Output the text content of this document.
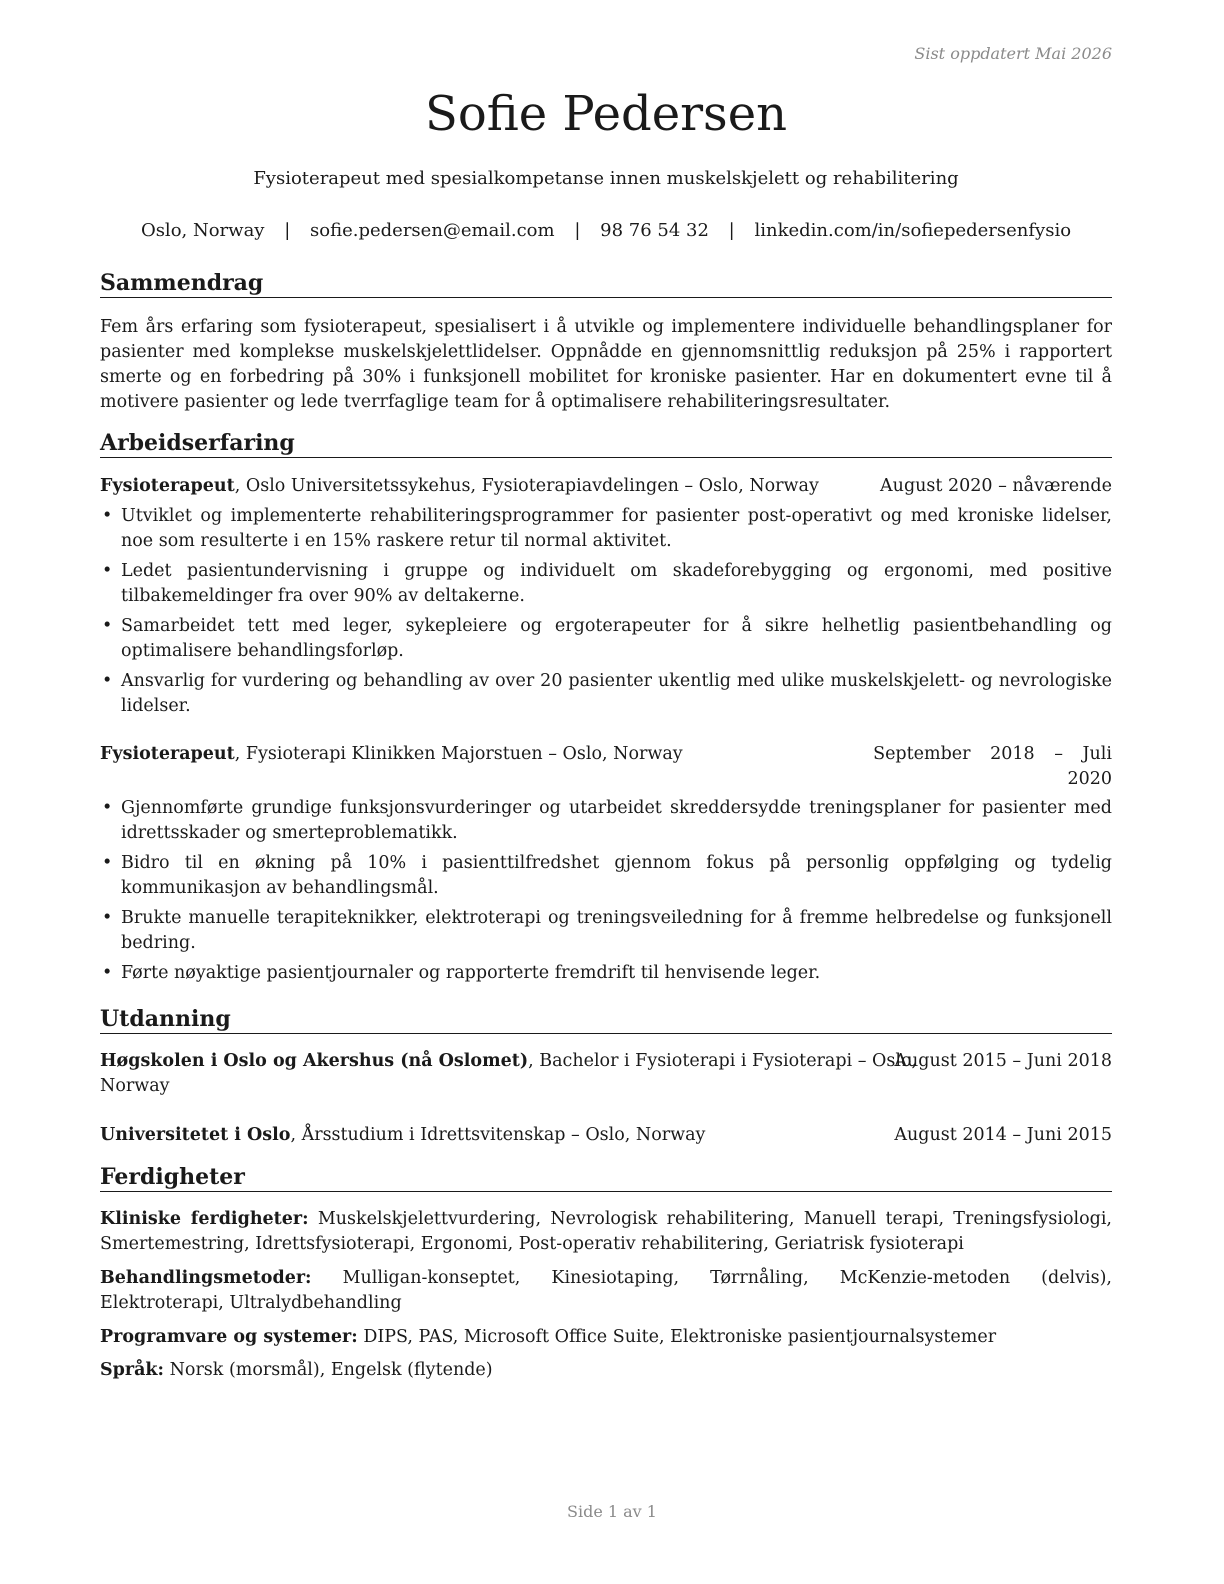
Sist oppdatert Mai 2026
Sofie Pedersen
Fysioterapeut med spesialkompetanse innen muskelskjelett og rehabilitering
Oslo, Norway | sofie.pedersen@email.com | 98 76 54 32 | linkedin.com/in/sofiepedersenfysio
Sammendrag
Fem års erfaring som fysioterapeut, spesialisert i å utvikle og implementere individuelle behandlingsplaner for pasienter med komplekse muskelskjelettlidelser. Oppnådde en gjennomsnittlig reduksjon på 25% i rapportert smerte og en forbedring på 30% i funksjonell mobilitet for kroniske pasienter. Har en dokumentert evne til å motivere pasienter og lede tverrfaglige team for å optimalisere rehabiliteringsresultater.
Arbeidserfaring
Fysioterapeut, Oslo Universitetssykehus, Fysioterapiavdelingen – Oslo, Norway	August 2020 – nåværende
• Utviklet og implementerte rehabiliteringsprogrammer for pasienter post-operativt og med kroniske lidelser, noe som resulterte i en 15% raskere retur til normal aktivitet.
• Ledet pasientundervisning i gruppe og individuelt om skadeforebygging og ergonomi, med positive tilbakemeldinger fra over 90% av deltakerne.
• Samarbeidet tett med leger, sykepleiere og ergoterapeuter for å sikre helhetlig pasientbehandling og optimalisere behandlingsforløp.
• Ansvarlig for vurdering og behandling av over 20 pasienter ukentlig med ulike muskelskjelett- og nevrologiske lidelser.
Fysioterapeut, Fysioterapi Klinikken Majorstuen – Oslo, Norway	September 2018 – Juli
2020
• Gjennomførte grundige funksjonsvurderinger og utarbeidet skreddersydde treningsplaner for pasienter med idrettsskader og smerteproblematikk.
• Bidro til en økning på 10% i pasienttilfredshet gjennom fokus på personlig oppfølging og tydelig kommunikasjon av behandlingsmål.
• Brukte manuelle terapiteknikker, elektroterapi og treningsveiledning for å fremme helbredelse og funksjonell bedring.
• Førte nøyaktige pasientjournaler og rapporterte fremdrift til henvisende leger.
Utdanning
Høgskolen i Oslo og Akershus (nå Oslomet), Bachelor i Fysioterapi i Fysioterapi – Oslo,
Norway
August 2015 – Juni 2018
Universitetet i Oslo, Årsstudium i Idrettsvitenskap – Oslo, Norway	August 2014 – Juni 2015
Ferdigheter
Kliniske ferdigheter: Muskelskjelettvurdering, Nevrologisk rehabilitering, Manuell terapi, Treningsfysiologi, Smertemestring, Idrettsfysioterapi, Ergonomi, Post-operativ rehabilitering, Geriatrisk fysioterapi
Behandlingsmetoder: Mulligan-konseptet, Kinesiotaping, Tørrnåling, McKenzie-metoden (delvis), Elektroterapi, Ultralydbehandling
Programvare og systemer: DIPS, PAS, Microsoft Office Suite, Elektroniske pasientjournalsystemer
Språk: Norsk (morsmål), Engelsk (flytende)
Side 1 av 1
